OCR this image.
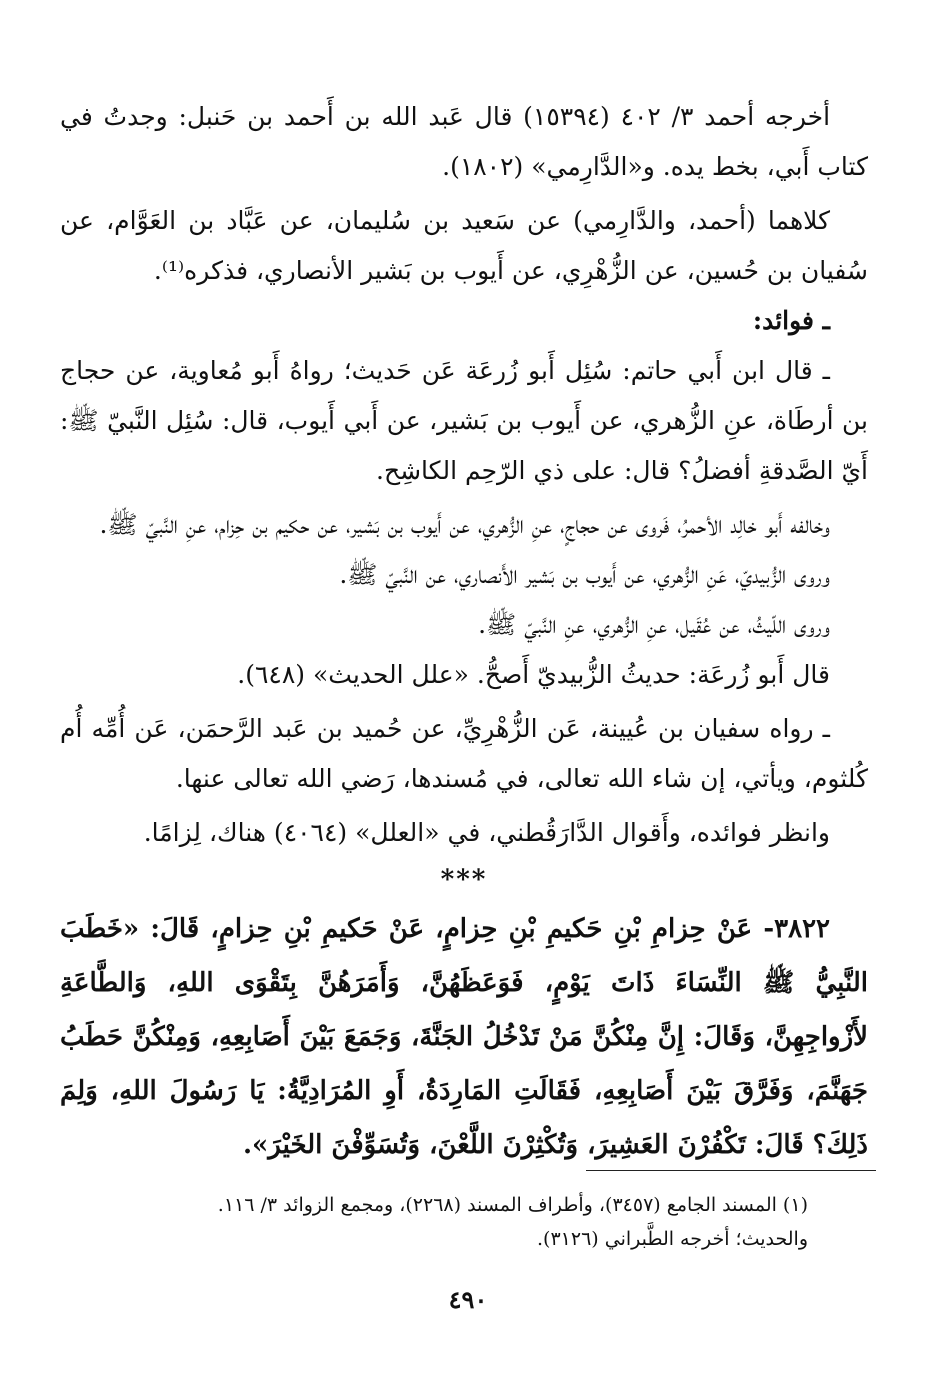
أخرجه أحمد ٣/ ٤٠٢ (١٥٣٩٤) قال عَبد الله بن أَحمد بن حَنبل: وجدتُ في كتاب أَبي، بخط يده. و«الدَّارِمي» (١٨٠٢).

كلاهما (أحمد، والدَّارِمي) عن سَعيد بن سُليمان، عن عَبَّاد بن العَوَّام، عن سُفيان بن حُسين، عن الزُّهْرِي، عن أَيوب بن بَشير الأنصاري، فذكره⁽¹⁾.

ـ فوائد:

ـ قال ابن أَبي حاتم: سُئِل أَبو زُرعَة عَن حَديث؛ رواهُ أَبو مُعاوية، عن حجاج بن أرطَاة، عنِ الزُّهري، عن أَيوب بن بَشير، عن أَبي أَيوب، قال: سُئِل النَّبيّ ﷺ: أَيّ الصَّدقةِ أفضلُ؟ قال: على ذي الرّحِم الكاشِح.

وخالفه أَبو خالِد الأحمرُ، فَروى عن حجاجٍ، عنِ الزُّهري، عن أَيوب بن بَشير، عن حكيم بن حِزام، عنِ النَّبيّ ﷺ.

وروى الزُّبيديّ، عَنِ الزُّهري، عن أَيوب بن بَشير الأَنصاري، عن النَّبيّ ﷺ.

وروى اللّيثُ، عن عُقَيل، عنِ الزُّهري، عنِ النَّبيّ ﷺ.

قال أَبو زُرعَة: حديثُ الزُّبيديّ أَصحُّ. «علل الحديث» (٦٤٨).

ـ رواه سفيان بن عُيينة، عَن الزُّهْرِيِّ، عن حُميد بن عَبد الرَّحمَن، عَن أُمِّه أُم كُلثوم، ويأتي، إن شاء الله تعالى، في مُسندها، رَضي الله تعالى عنها.

وانظر فوائده، وأَقوال الدَّارَقُطني، في «العلل» (٤٠٦٤) هناك، لِزامًا.

***

٣٨٢٢- عَنْ حِزامِ بْنِ حَكيمِ بْنِ حِزامٍ، عَنْ حَكيمِ بْنِ حِزامٍ، قَالَ: «خَطَبَ النَّبِيُّ ﷺ النِّسَاءَ ذَاتَ يَوْمٍ، فَوَعَظَهُنَّ، وَأَمَرَهُنَّ بِتَقْوَى اللهِ، وَالطَّاعَةِ لأَزْواجِهِنَّ، وَقَالَ: إِنَّ مِنْكُنَّ مَنْ تَدْخُلُ الجَنَّةَ، وَجَمَعَ بَيْنَ أَصَابِعِهِ، وَمِنْكُنَّ حَطَبُ جَهَنَّمَ، وَفَرَّقَ بَيْنَ أَصَابِعِهِ، فَقَالَتِ المَارِدَةُ، أَوِ المُرَادِيَّةُ: يَا رَسُولَ اللهِ، وَلِمَ ذَلِكَ؟ قَالَ: تَكْفُرْنَ العَشِيرَ، وَتُكْثِرْنَ اللَّعْنَ، وَتُسَوِّفْنَ الخَيْرَ».

(١) المسند الجامع (٣٤٥٧)، وأطراف المسند (٢٢٦٨)، ومجمع الزوائد ٣/ ١١٦.

والحديث؛ أخرجه الطَّبراني (٣١٢٦).

٤٩٠
